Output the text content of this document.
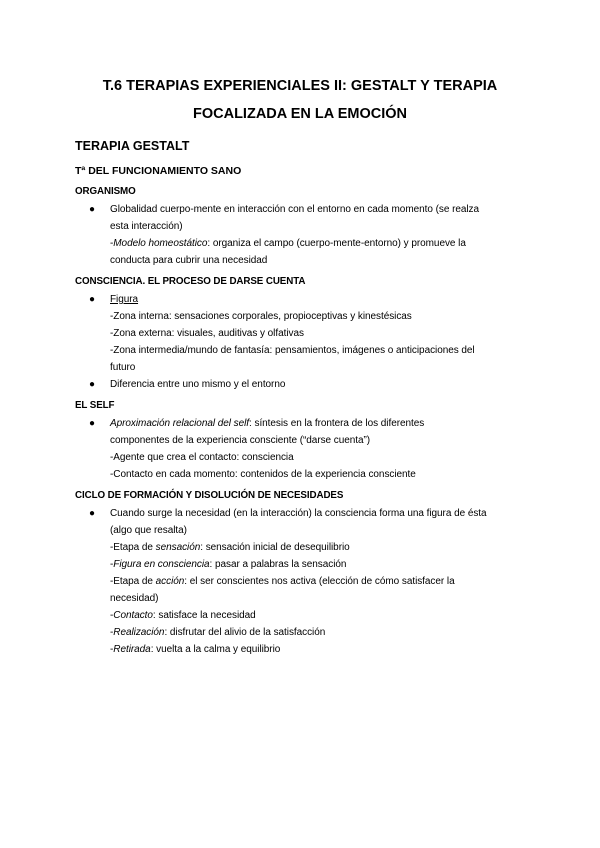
T.6 TERAPIAS EXPERIENCIALES II: GESTALT Y TERAPIA
FOCALIZADA EN LA EMOCIÓN
TERAPIA GESTALT
Tª DEL FUNCIONAMIENTO SANO
ORGANISMO
● Globalidad cuerpo-mente en interacción con el entorno en cada momento (se realza
esta interacción)
-Modelo homeostático: organiza el campo (cuerpo-mente-entorno) y promueve la
conducta para cubrir una necesidad
CONSCIENCIA. EL PROCESO DE DARSE CUENTA
● Figura
-Zona interna: sensaciones corporales, propioceptivas y kinestésicas
-Zona externa: visuales, auditivas y olfativas
-Zona intermedia/mundo de fantasía: pensamientos, imágenes o anticipaciones del
futuro
● Diferencia entre uno mismo y el entorno
EL SELF
● Aproximación relacional del self: síntesis en la frontera de los diferentes
componentes de la experiencia consciente (“darse cuenta”)
-Agente que crea el contacto: consciencia
-Contacto en cada momento: contenidos de la experiencia consciente
CICLO DE FORMACIÓN Y DISOLUCIÓN DE NECESIDADES
● Cuando surge la necesidad (en la interacción) la consciencia forma una figura de ésta
(algo que resalta)
-Etapa de sensación: sensación inicial de desequilibrio
-Figura en consciencia: pasar a palabras la sensación
-Etapa de acción: el ser conscientes nos activa (elección de cómo satisfacer la
necesidad)
-Contacto: satisface la necesidad
-Realización: disfrutar del alivio de la satisfacción
-Retirada: vuelta a la calma y equilibrio
